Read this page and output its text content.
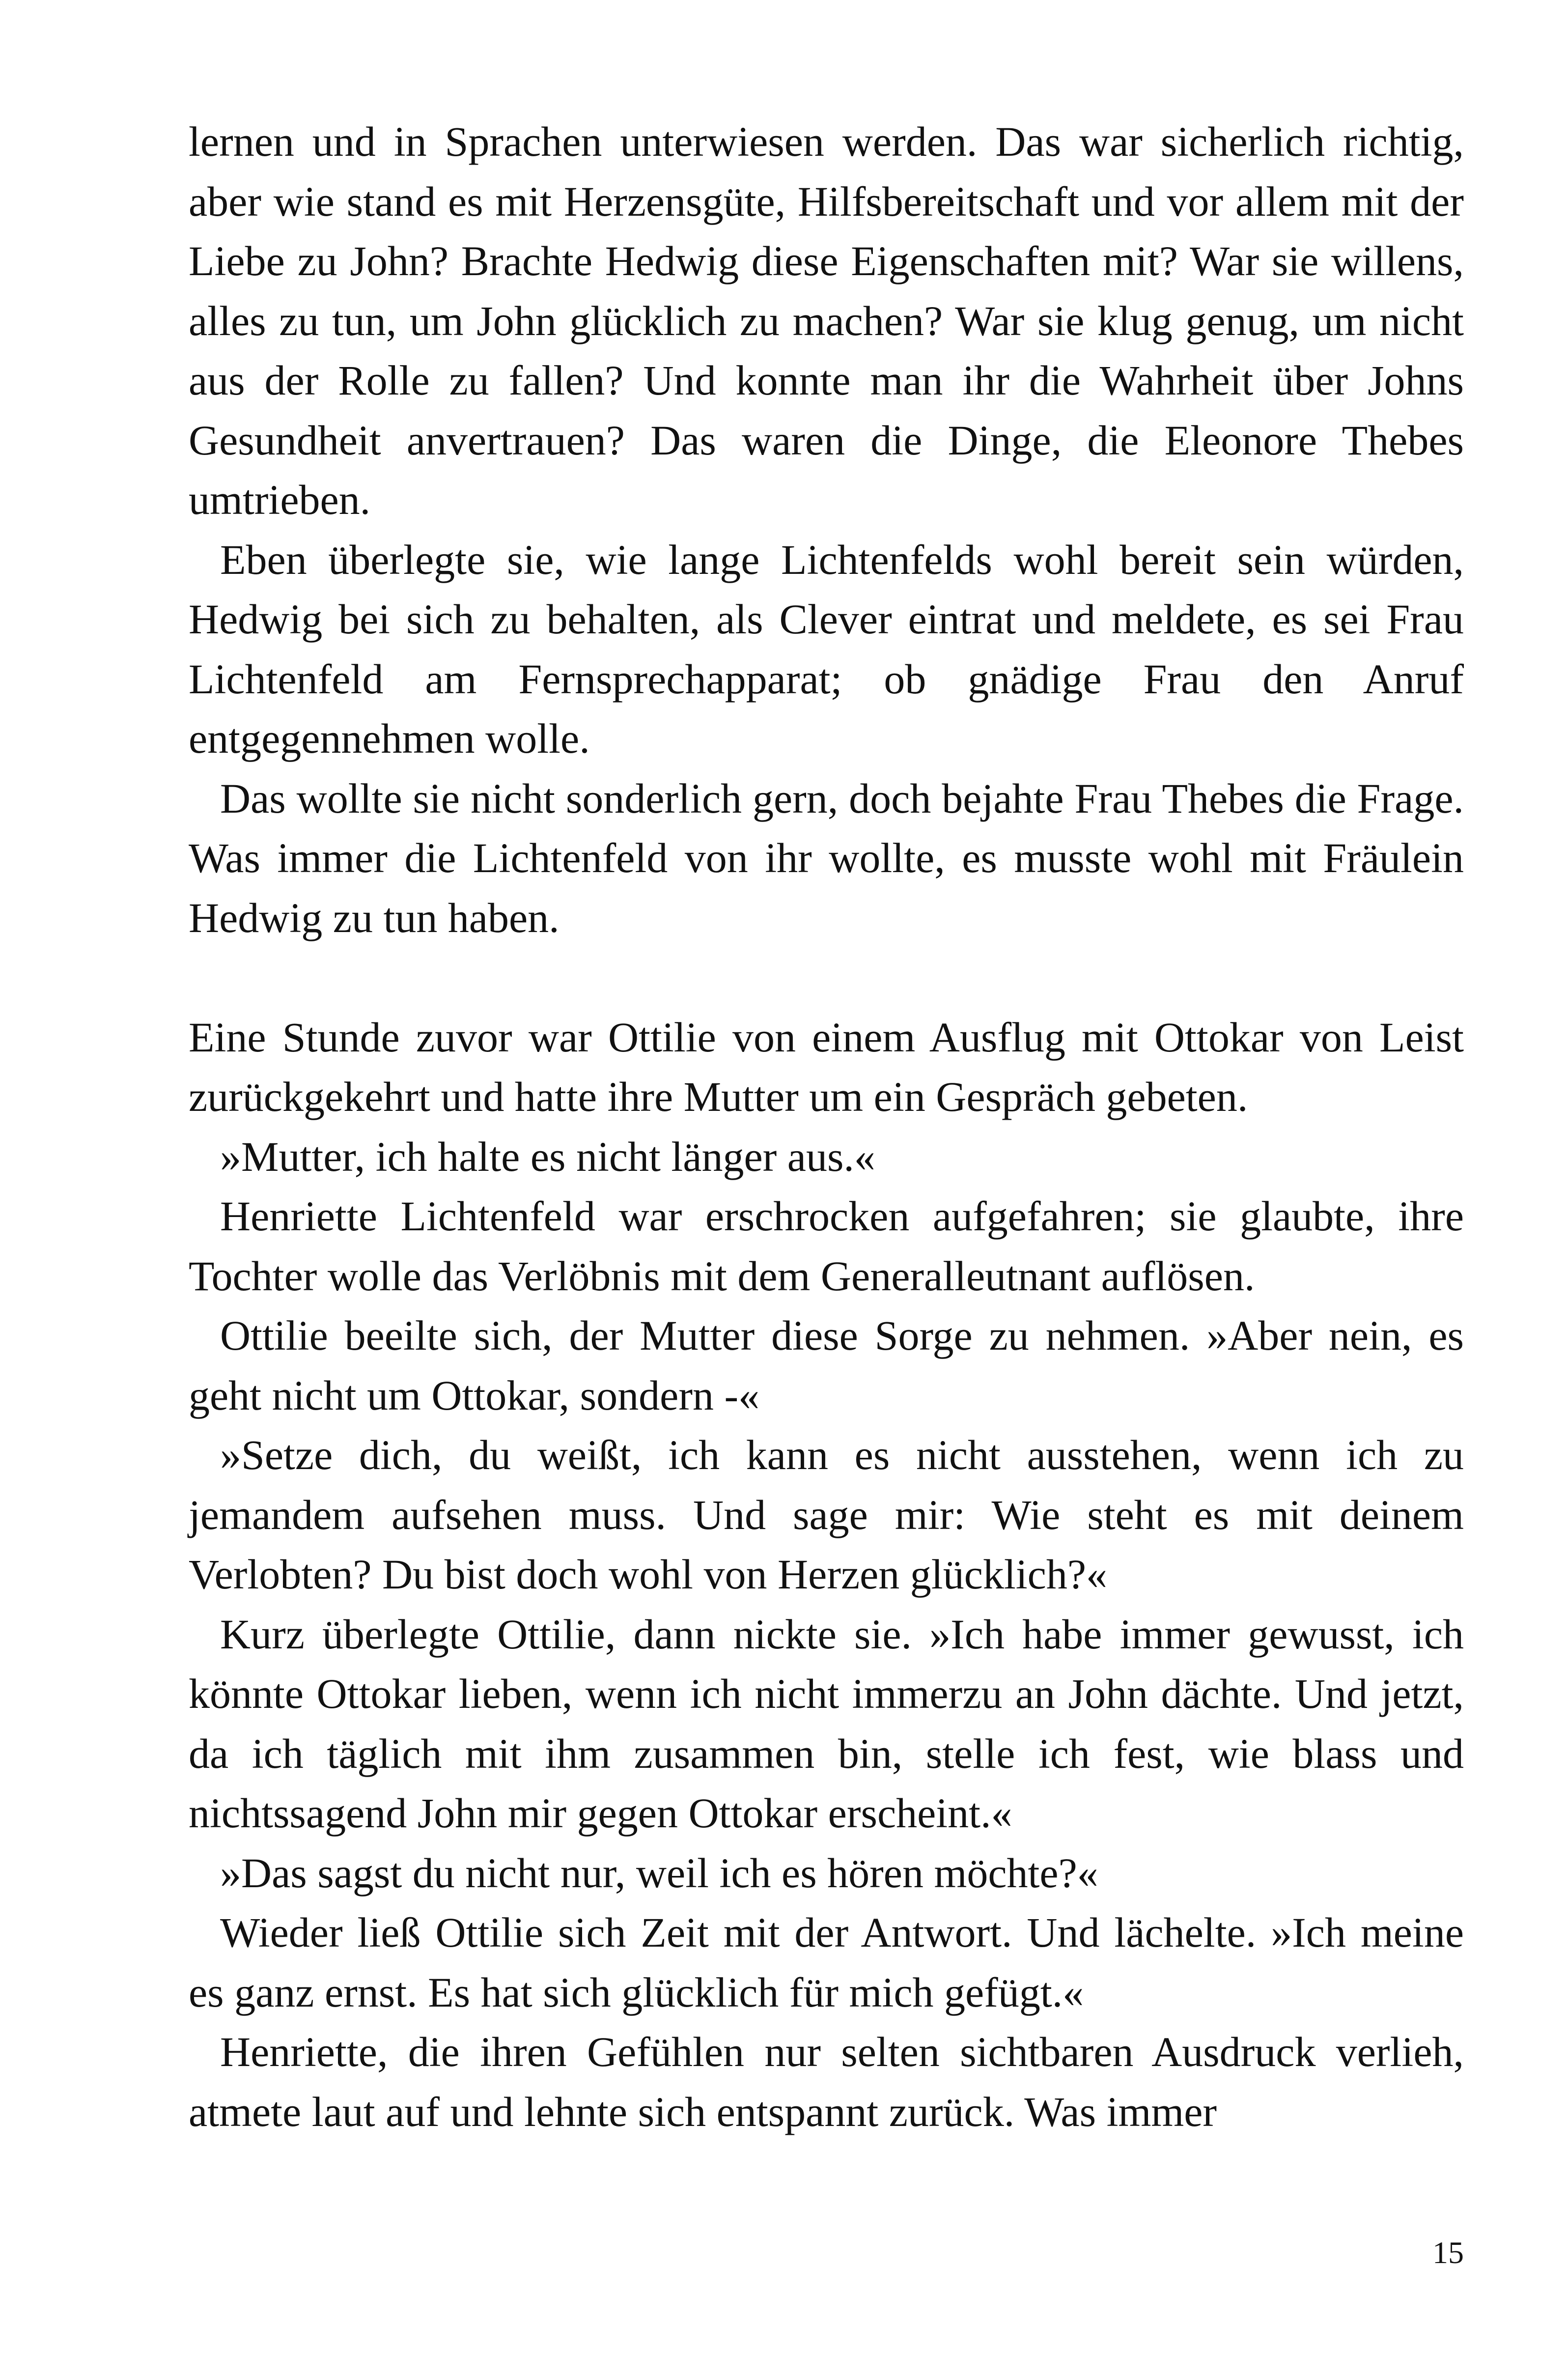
lernen und in Sprachen unterwiesen werden. Das war sicherlich richtig, aber wie stand es mit Herzensgüte, Hilfsbereitschaft und vor allem mit der Liebe zu John? Brachte Hedwig diese Eigenschaften mit? War sie willens, alles zu tun, um John glücklich zu machen? War sie klug genug, um nicht aus der Rolle zu fallen? Und konnte man ihr die Wahrheit über Johns Gesundheit anvertrauen? Das waren die Dinge, die Eleonore Thebes umtrieben.

Eben überlegte sie, wie lange Lichtenfelds wohl bereit sein würden, Hedwig bei sich zu behalten, als Clever eintrat und meldete, es sei Frau Lichtenfeld am Fernsprechapparat; ob gnädige Frau den Anruf entgegennehmen wolle.

Das wollte sie nicht sonderlich gern, doch bejahte Frau Thebes die Frage. Was immer die Lichtenfeld von ihr wollte, es musste wohl mit Fräulein Hedwig zu tun haben.

Eine Stunde zuvor war Ottilie von einem Ausflug mit Ottokar von Leist zurückgekehrt und hatte ihre Mutter um ein Gespräch gebeten.

»Mutter, ich halte es nicht länger aus.«

Henriette Lichtenfeld war erschrocken aufgefahren; sie glaubte, ihre Tochter wolle das Verlöbnis mit dem Generalleutnant auflösen.

Ottilie beeilte sich, der Mutter diese Sorge zu nehmen. »Aber nein, es geht nicht um Ottokar, sondern -«

»Setze dich, du weißt, ich kann es nicht ausstehen, wenn ich zu jemandem aufsehen muss. Und sage mir: Wie steht es mit deinem Verlobten? Du bist doch wohl von Herzen glücklich?«

Kurz überlegte Ottilie, dann nickte sie. »Ich habe immer gewusst, ich könnte Ottokar lieben, wenn ich nicht immerzu an John dächte. Und jetzt, da ich täglich mit ihm zusammen bin, stelle ich fest, wie blass und nichtssagend John mir gegen Ottokar erscheint.«

»Das sagst du nicht nur, weil ich es hören möchte?«

Wieder ließ Ottilie sich Zeit mit der Antwort. Und lächelte. »Ich meine es ganz ernst. Es hat sich glücklich für mich gefügt.«

Henriette, die ihren Gefühlen nur selten sichtbaren Ausdruck verlieh, atmete laut auf und lehnte sich entspannt zurück. Was immer

15
